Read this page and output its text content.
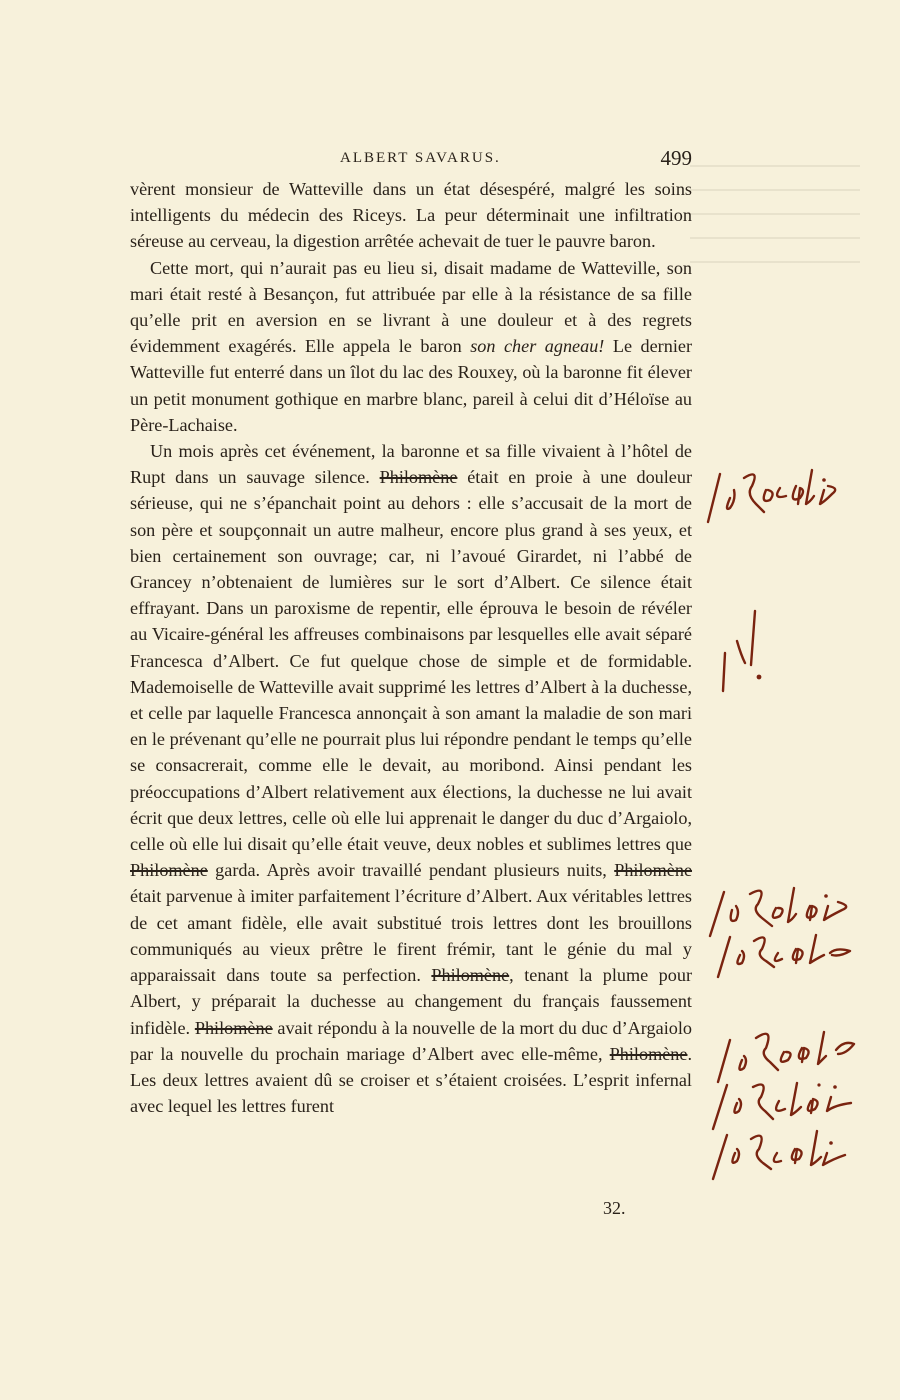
ALBERT SAVARUS.	499

vèrent monsieur de Watteville dans un état désespéré, malgré les soins intelligents du médecin des Riceys. La peur déterminait une infiltration séreuse au cerveau, la digestion arrêtée achevait de tuer le pauvre baron.

Cette mort, qui n’aurait pas eu lieu si, disait madame de Watteville, son mari était resté à Besançon, fut attribuée par elle à la résistance de sa fille qu’elle prit en aversion en se livrant à une douleur et à des regrets évidemment exagérés. Elle appela le baron son cher agneau! Le dernier Watteville fut enterré dans un îlot du lac des Rouxey, où la baronne fit élever un petit monument gothique en marbre blanc, pareil à celui dit d’Héloïse au Père-Lachaise.

Un mois après cet événement, la baronne et sa fille vivaient à l’hôtel de Rupt dans un sauvage silence. Philomène était en proie à une douleur sérieuse, qui ne s’épanchait point au dehors : elle s’accusait de la mort de son père et soupçonnait un autre malheur, encore plus grand à ses yeux, et bien certainement son ouvrage; car, ni l’avoué Girardet, ni l’abbé de Grancey n’obtenaient de lumières sur le sort d’Albert. Ce silence était effrayant. Dans un paroxisme de repentir, elle éprouva le besoin de révéler au Vicaire-général les affreuses combinaisons par lesquelles elle avait séparé Francesca d’Albert. Ce fut quelque chose de simple et de formidable. Mademoiselle de Watteville avait supprimé les lettres d’Albert à la duchesse, et celle par laquelle Francesca annonçait à son amant la maladie de son mari en le prévenant qu’elle ne pourrait plus lui répondre pendant le temps qu’elle se consacrerait, comme elle le devait, au moribond. Ainsi pendant les préoccupations d’Albert relativement aux élections, la duchesse ne lui avait écrit que deux lettres, celle où elle lui apprenait le danger du duc d’Argaiolo, celle où elle lui disait qu’elle était veuve, deux nobles et sublimes lettres que Philomène garda. Après avoir travaillé pendant plusieurs nuits, Philomène était parvenue à imiter parfaitement l’écriture d’Albert. Aux véritables lettres de cet amant fidèle, elle avait substitué trois lettres dont les brouillons communiqués au vieux prêtre le firent frémir, tant le génie du mal y apparaissait dans toute sa perfection. Philomène, tenant la plume pour Albert, y préparait la duchesse au changement du français faussement infidèle. Philomène avait répondu à la nouvelle de la mort du duc d’Argaiolo par la nouvelle du prochain mariage d’Albert avec elle-même, Philomène. Les deux lettres avaient dû se croiser et s’étaient croisées. L’esprit infernal avec lequel les lettres furent

32.
